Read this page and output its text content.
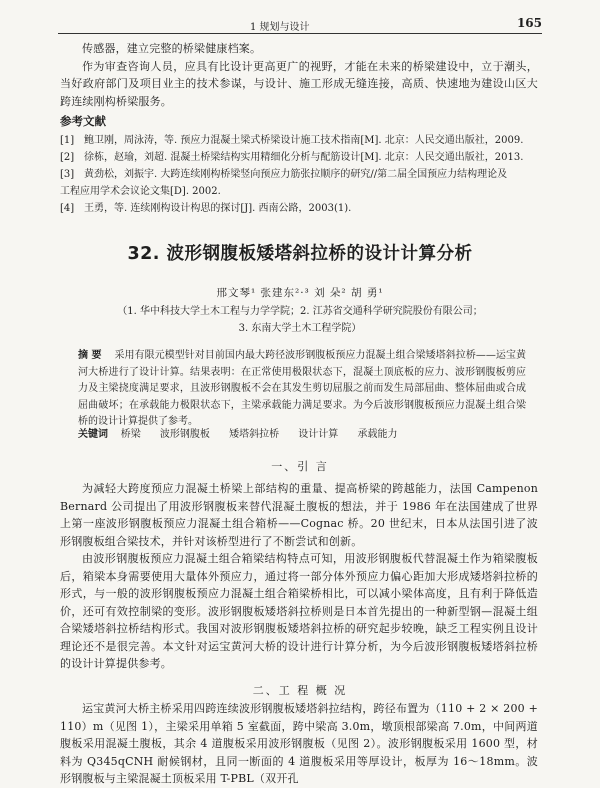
1 规划与设计	165

传感器，建立完整的桥梁健康档案。

作为审查咨询人员，应具有比设计更高更广的视野，才能在未来的桥梁建设中，立于潮头，当好政府部门及项目业主的技术参谋，与设计、施工形成无缝连接，高质、快速地为建设山区大跨连续刚构桥梁服务。

参考文献
[1] 鲍卫刚，周泳涛，等. 预应力混凝土梁式桥梁设计施工技术指南[M]. 北京：人民交通出版社，2009.
[2] 徐栋，赵瑜，刘超. 混凝土桥梁结构实用精细化分析与配筋设计[M]. 北京：人民交通出版社，2013.
[3] 黄劲松，刘振宇. 大跨连续刚构桥梁竖向预应力筋张拉顺序的研究//第二届全国预应力结构理论及
工程应用学术会议论文集[D]. 2002.
[4] 王勇，等. 连续刚构设计构思的探讨[J]. 西南公路，2003(1).
32. 波形钢腹板矮塔斜拉桥的设计计算分析
邢文琴¹ 张建东²·³ 刘 朵² 胡 勇¹
（1. 华中科技大学土木工程与力学学院；2. 江苏省交通科学研究院股份有限公司；
3. 东南大学土木工程学院）
摘 要 采用有限元模型针对目前国内最大跨径波形钢腹板预应力混凝土组合梁矮塔斜拉桥——运宝黄河大桥进行了设计计算。结果表明：在正常使用极限状态下，混凝土顶底板的应力、波形钢腹板剪应力及主梁挠度满足要求，且波形钢腹板不会在其发生剪切屈服之前而发生局部屈曲、整体屈曲或合成屈曲破坏；在承载能力极限状态下，主梁承载能力满足要求。为今后波形钢腹板预应力混凝土组合梁桥的设计计算提供了参考。
关键词 桥梁 波形钢腹板 矮塔斜拉桥 设计计算 承载能力
一、引 言

为减轻大跨度预应力混凝土桥梁上部结构的重量、提高桥梁的跨越能力，法国 Campenon Bernard 公司提出了用波形钢腹板来替代混凝土腹板的想法，并于 1986 年在法国建成了世界上第一座波形钢腹板预应力混凝土组合箱桥——Cognac 桥。20 世纪末，日本从法国引进了波形钢腹板组合梁技术，并针对该桥型进行了不断尝试和创新。

由波形钢腹板预应力混凝土组合箱梁结构特点可知，用波形钢腹板代替混凝土作为箱梁腹板后，箱梁本身需要使用大量体外预应力，通过将一部分体外预应力偏心距加大形成矮塔斜拉桥的形式，与一般的波形钢腹板预应力混凝土组合箱梁桥相比，可以减小梁体高度，且有利于降低造价，还可有效控制梁的变形。波形钢腹板矮塔斜拉桥则是日本首先提出的一种新型钢—混凝土组合梁矮塔斜拉桥结构形式。我国对波形钢腹板矮塔斜拉桥的研究起步较晚，缺乏工程实例且设计理论还不是很完善。本文针对运宝黄河大桥的设计进行计算分析，为今后波形钢腹板矮塔斜拉桥的设计计算提供参考。

二、工 程 概 况

运宝黄河大桥主桥采用四跨连续波形钢腹板矮塔斜拉结构，跨径布置为（110 + 2 × 200 + 110）m（见图 1），主梁采用单箱 5 室截面，跨中梁高 3.0m，墩顶根部梁高 7.0m，中间两道腹板采用混凝土腹板，其余 4 道腹板采用波形钢腹板（见图 2）。波形钢腹板采用 1600 型，材料为 Q345qCNH 耐候钢材，且同一断面的 4 道腹板采用等厚设计，板厚为 16～18mm。波形钢腹板与主梁混凝土顶板采用 T-PBL（双开孔
